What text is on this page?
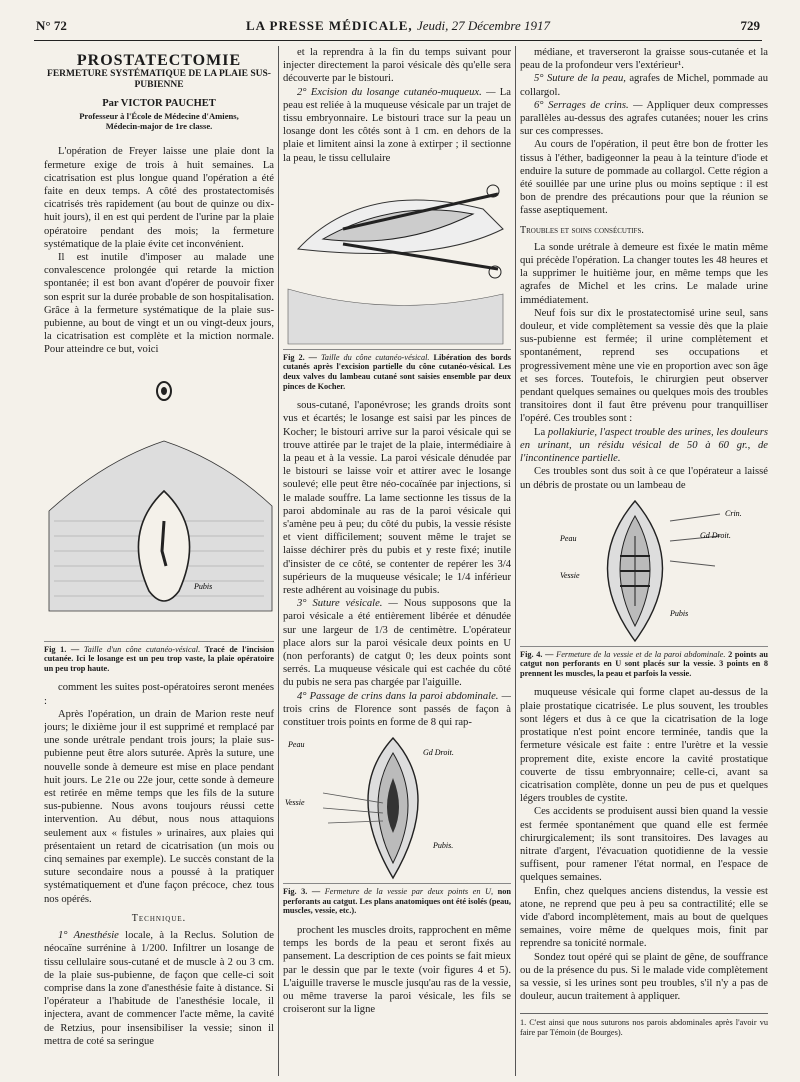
N° 72	LA PRESSE MÉDICALE, Jeudi, 27 Décembre 1917	729
PROSTATECTOMIE
FERMETURE SYSTÉMATIQUE DE LA PLAIE SUS-PUBIENNE
Par VICTOR PAUCHET
Professeur à l'École de Médecine d'Amiens,
Médecin-major de 1re classe.

L'opération de Freyer laisse une plaie dont la fermeture exige de trois à huit semaines. La cicatrisation est plus longue quand l'opération a été faite en deux temps. A côté des prostatectomisés cicatrisés très rapidement (au bout de quinze ou dix-huit jours), il en est qui perdent de l'urine par la plaie opératoire pendant des mois; la fermeture systématique de la plaie évite cet inconvénient.

Il est inutile d'imposer au malade une convalescence prolongée qui retarde la miction spontanée; il est bon avant d'opérer de pouvoir fixer son esprit sur la durée probable de son hospitalisation. Grâce à la fermeture systématique de la plaie sus-pubienne, au bout de vingt et un ou vingt-deux jours, la cicatrisation est complète et la miction normale. Pour atteindre ce but, voici

Pubis

Fig 1. — Taille d'un cône cutanéo-vésical. Tracé de l'incision cutanée. Ici le losange est un peu trop vaste, la plaie opératoire un peu trop haute.

comment les suites post-opératoires seront menées :

Après l'opération, un drain de Marion reste neuf jours; le dixième jour il est supprimé et remplacé par une sonde urétrale pendant trois jours; la plaie sus-pubienne peut être alors suturée. Après la suture, une nouvelle sonde à demeure est mise en place pendant huit jours. Le 21e ou 22e jour, cette sonde à demeure est retirée en même temps que les fils de la suture sus-pubienne. Nous avons toujours réussi cette intervention. Au début, nous nous attaquions seulement aux « fistules » urinaires, aux plaies qui présentaient un retard de cicatrisation (un mois ou cinq semaines par exemple). Le succès constant de la suture secondaire nous a poussé à la pratiquer systématiquement et d'une façon précoce, chez tous nos opérés.

Technique.

1° Anesthésie locale, à la Reclus. Solution de néocaïne surrénine à 1/200. Infiltrer un losange de tissu cellulaire sous-cutané et de muscle à 2 ou 3 cm. de la plaie sus-pubienne, de façon que celle-ci soit comprise dans la zone d'anesthésie faite à distance. Si l'opérateur a l'habitude de l'anesthésie locale, il injectera, avant de commencer l'acte même, la cavité de Retzius, pour insensibiliser la vessie; sinon il mettra de coté sa seringue

et la reprendra à la fin du temps suivant pour injecter directement la paroi vésicale dès qu'elle sera découverte par le bistouri.

2° Excision du losange cutanéo-muqueux. — La peau est reliée à la muqueuse vésicale par un trajet de tissu embryonnaire. Le bistouri trace sur la peau un losange dont les côtés sont à 1 cm. en dehors de la plaie et limitent ainsi la zone à extirper ; il sectionne la peau, le tissu cellulaire

Fig 2. — Taille du cône cutanéo-vésical. Libération des bords cutanés après l'excision partielle du cône cutanéo-vésical. Les deux valves du lambeau cutané sont saisies ensemble par deux pinces de Kocher.

sous-cutané, l'aponévrose; les grands droits sont vus et écartés; le losange est saisi par les pinces de Kocher; le bistouri arrive sur la paroi vésicale qui se trouve attirée par le trajet de la plaie, intermédiaire à la peau et à la vessie. La paroi vésicale dénudée par le bistouri se laisse voir et attirer avec le losange soulevé; elle peut être néo-cocaïnée par injections, si le malade souffre. La lame sectionne les tissus de la paroi abdominale au ras de la paroi vésicale qui s'amène peu à peu; du côté du pubis, la vessie résiste et vient difficilement; souvent même le trajet se laisse déchirer près du pubis et y reste fixé; inutile d'insister de ce côté, se contenter de repérer les 3/4 supérieurs de la muqueuse vésicale; le 1/4 inférieur reste adhérent au voisinage du pubis.

3° Suture vésicale. — Nous supposons que la paroi vésicale a été entièrement libérée et dénudée sur une largeur de 1/3 de centimètre. L'opérateur place alors sur la paroi vésicale deux points en U (non perforants) de catgut 0; les deux points sont serrés. La muqueuse vésicale qui est cachée du côté du pubis ne sera pas chargée par l'aiguille.

4° Passage de crins dans la paroi abdominale. — trois crins de Florence sont passés de façon à constituer trois points en forme de 8 qui rap-

Peau
Gd Droit.
Vessie
Pubis.

Fig. 3. — Fermeture de la vessie par deux points en U, non perforants au catgut. Les plans anatomiques ont été isolés (peau, muscles, vessie, etc.).

prochent les muscles droits, rapprochent en même temps les bords de la peau et seront fixés au pansement. La description de ces points se fait mieux par le dessin que par le texte (voir figures 4 et 5). L'aiguille traverse le muscle jusqu'au ras de la vessie, ou même traverse la paroi vésicale, les fils se croiseront sur la ligne

médiane, et traverseront la graisse sous-cutanée et la peau de la profondeur vers l'extérieur¹.

5° Suture de la peau, agrafes de Michel, pommade au collargol.

6° Serrages de crins. — Appliquer deux compresses parallèles au-dessus des agrafes cutanées; nouer les crins sur ces compresses.

Au cours de l'opération, il peut être bon de frotter les tissus à l'éther, badigeonner la peau à la teinture d'iode et enduire la suture de pommade au collargol. Cette région a été souillée par une urine plus ou moins septique : il est bon de prendre des précautions pour que la réunion se fasse aseptiquement.

Troubles et soins consécutifs.

La sonde urétrale à demeure est fixée le matin même qui précède l'opération. La changer toutes les 48 heures et la supprimer le huitième jour, en même temps que les agrafes de Michel et les crins. Le malade urine immédiatement.

Neuf fois sur dix le prostatectomisé urine seul, sans douleur, et vide complètement sa vessie dès que la plaie sus-pubienne est fermée; il urine complètement et spontanément, reprend ses occupations et progressivement mène une vie en proportion avec son âge et ses forces. Toutefois, le chirurgien peut observer pendant quelques semaines ou quelques mois des troubles transitoires dont il faut être prévenu pour tranquilliser l'opéré. Ces troubles sont :

La pollakiurie, l'aspect trouble des urines, les douleurs en urinant, un résidu vésical de 50 à 60 gr., de l'incontinence partielle.

Ces troubles sont dus soit à ce que l'opérateur a laissé un débris de prostate ou un lambeau de

Crin.
Gd Droit.
Peau
Vessie
Pubis

Fig. 4. — Fermeture de la vessie et de la paroi abdominale. 2 points au catgut non perforants en U sont placés sur la vessie. 3 points en 8 prennent les muscles, la peau et parfois la vessie.

muqueuse vésicale qui forme clapet au-dessus de la plaie prostatique cicatrisée. Le plus souvent, les troubles sont légers et dus à ce que la cicatrisation de la loge prostatique n'est point encore terminée, tandis que la fermeture vésicale est faite : entre l'urètre et la vessie proprement dite, existe encore la cavité prostatique couverte de tissu embryonnaire; celle-ci, avant sa cicatrisation complète, donne un peu de pus et quelques légers troubles de cystite.

Ces accidents se produisent aussi bien quand la vessie est fermée spontanément que quand elle est fermée chirurgicalement; ils sont transitoires. Des lavages au nitrate d'argent, l'évacuation quotidienne de la vessie suffisent, pour ramener l'état normal, en l'espace de quelques semaines.

Enfin, chez quelques anciens distendus, la vessie est atone, ne reprend que peu à peu sa contractilité; elle se vide d'abord incomplètement, mais au bout de quelques semaines, voire même de quelques mois, finit par reprendre sa tonicité normale.

Sondez tout opéré qui se plaint de gêne, de souffrance ou de la présence du pus. Si le malade vide complètement sa vessie, si les urines sont peu troubles, s'il n'y a pas de douleur, aucun traitement à appliquer.

1. C'est ainsi que nous suturons nos parois abdominales après l'avoir vu faire par Témoin (de Bourges).
